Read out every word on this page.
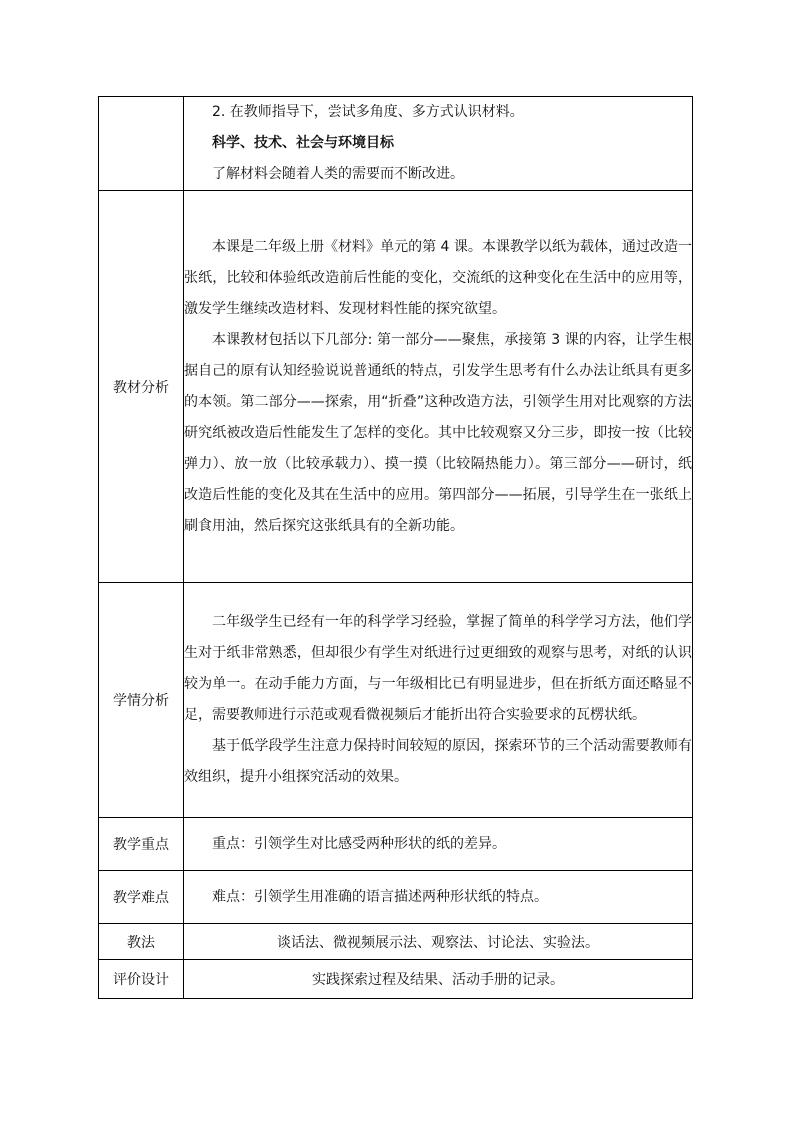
	2. 在教师指导下，尝试多角度、多方式认识材料。

科学、技术、社会与环境目标

了解材料会随着人类的需要而不断改进。

教材分析	本课是二年级上册《材料》单元的第 4 课。本课教学以纸为载体，通过改造一张纸，比较和体验纸改造前后性能的变化，交流纸的这种变化在生活中的应用等，激发学生继续改造材料、发现材料性能的探究欲望。

本课教材包括以下几部分: 第一部分——聚焦，承接第 3 课的内容，让学生根据自己的原有认知经验说说普通纸的特点，引发学生思考有什么办法让纸具有更多的本领。第二部分——探索，用“折叠”这种改造方法，引领学生用对比观察的方法研究纸被改造后性能发生了怎样的变化。其中比较观察又分三步，即按一按（比较弹力）、放一放（比较承载力）、摸一摸（比较隔热能力）。第三部分——研讨，纸改造后性能的变化及其在生活中的应用。第四部分——拓展，引导学生在一张纸上刷食用油，然后探究这张纸具有的全新功能。

学情分析	二年级学生已经有一年的科学学习经验，掌握了简单的科学学习方法，他们学生对于纸非常熟悉，但却很少有学生对纸进行过更细致的观察与思考，对纸的认识较为单一。在动手能力方面，与一年级相比已有明显进步，但在折纸方面还略显不足，需要教师进行示范或观看微视频后才能折出符合实验要求的瓦楞状纸。

基于低学段学生注意力保持时间较短的原因，探索环节的三个活动需要教师有效组织，提升小组探究活动的效果。

教学重点	重点：引领学生对比感受两种形状的纸的差异。

教学难点	难点：引领学生用准确的语言描述两种形状纸的特点。

教法	谈话法、微视频展示法、观察法、讨论法、实验法。
评价设计	实践探索过程及结果、活动手册的记录。
